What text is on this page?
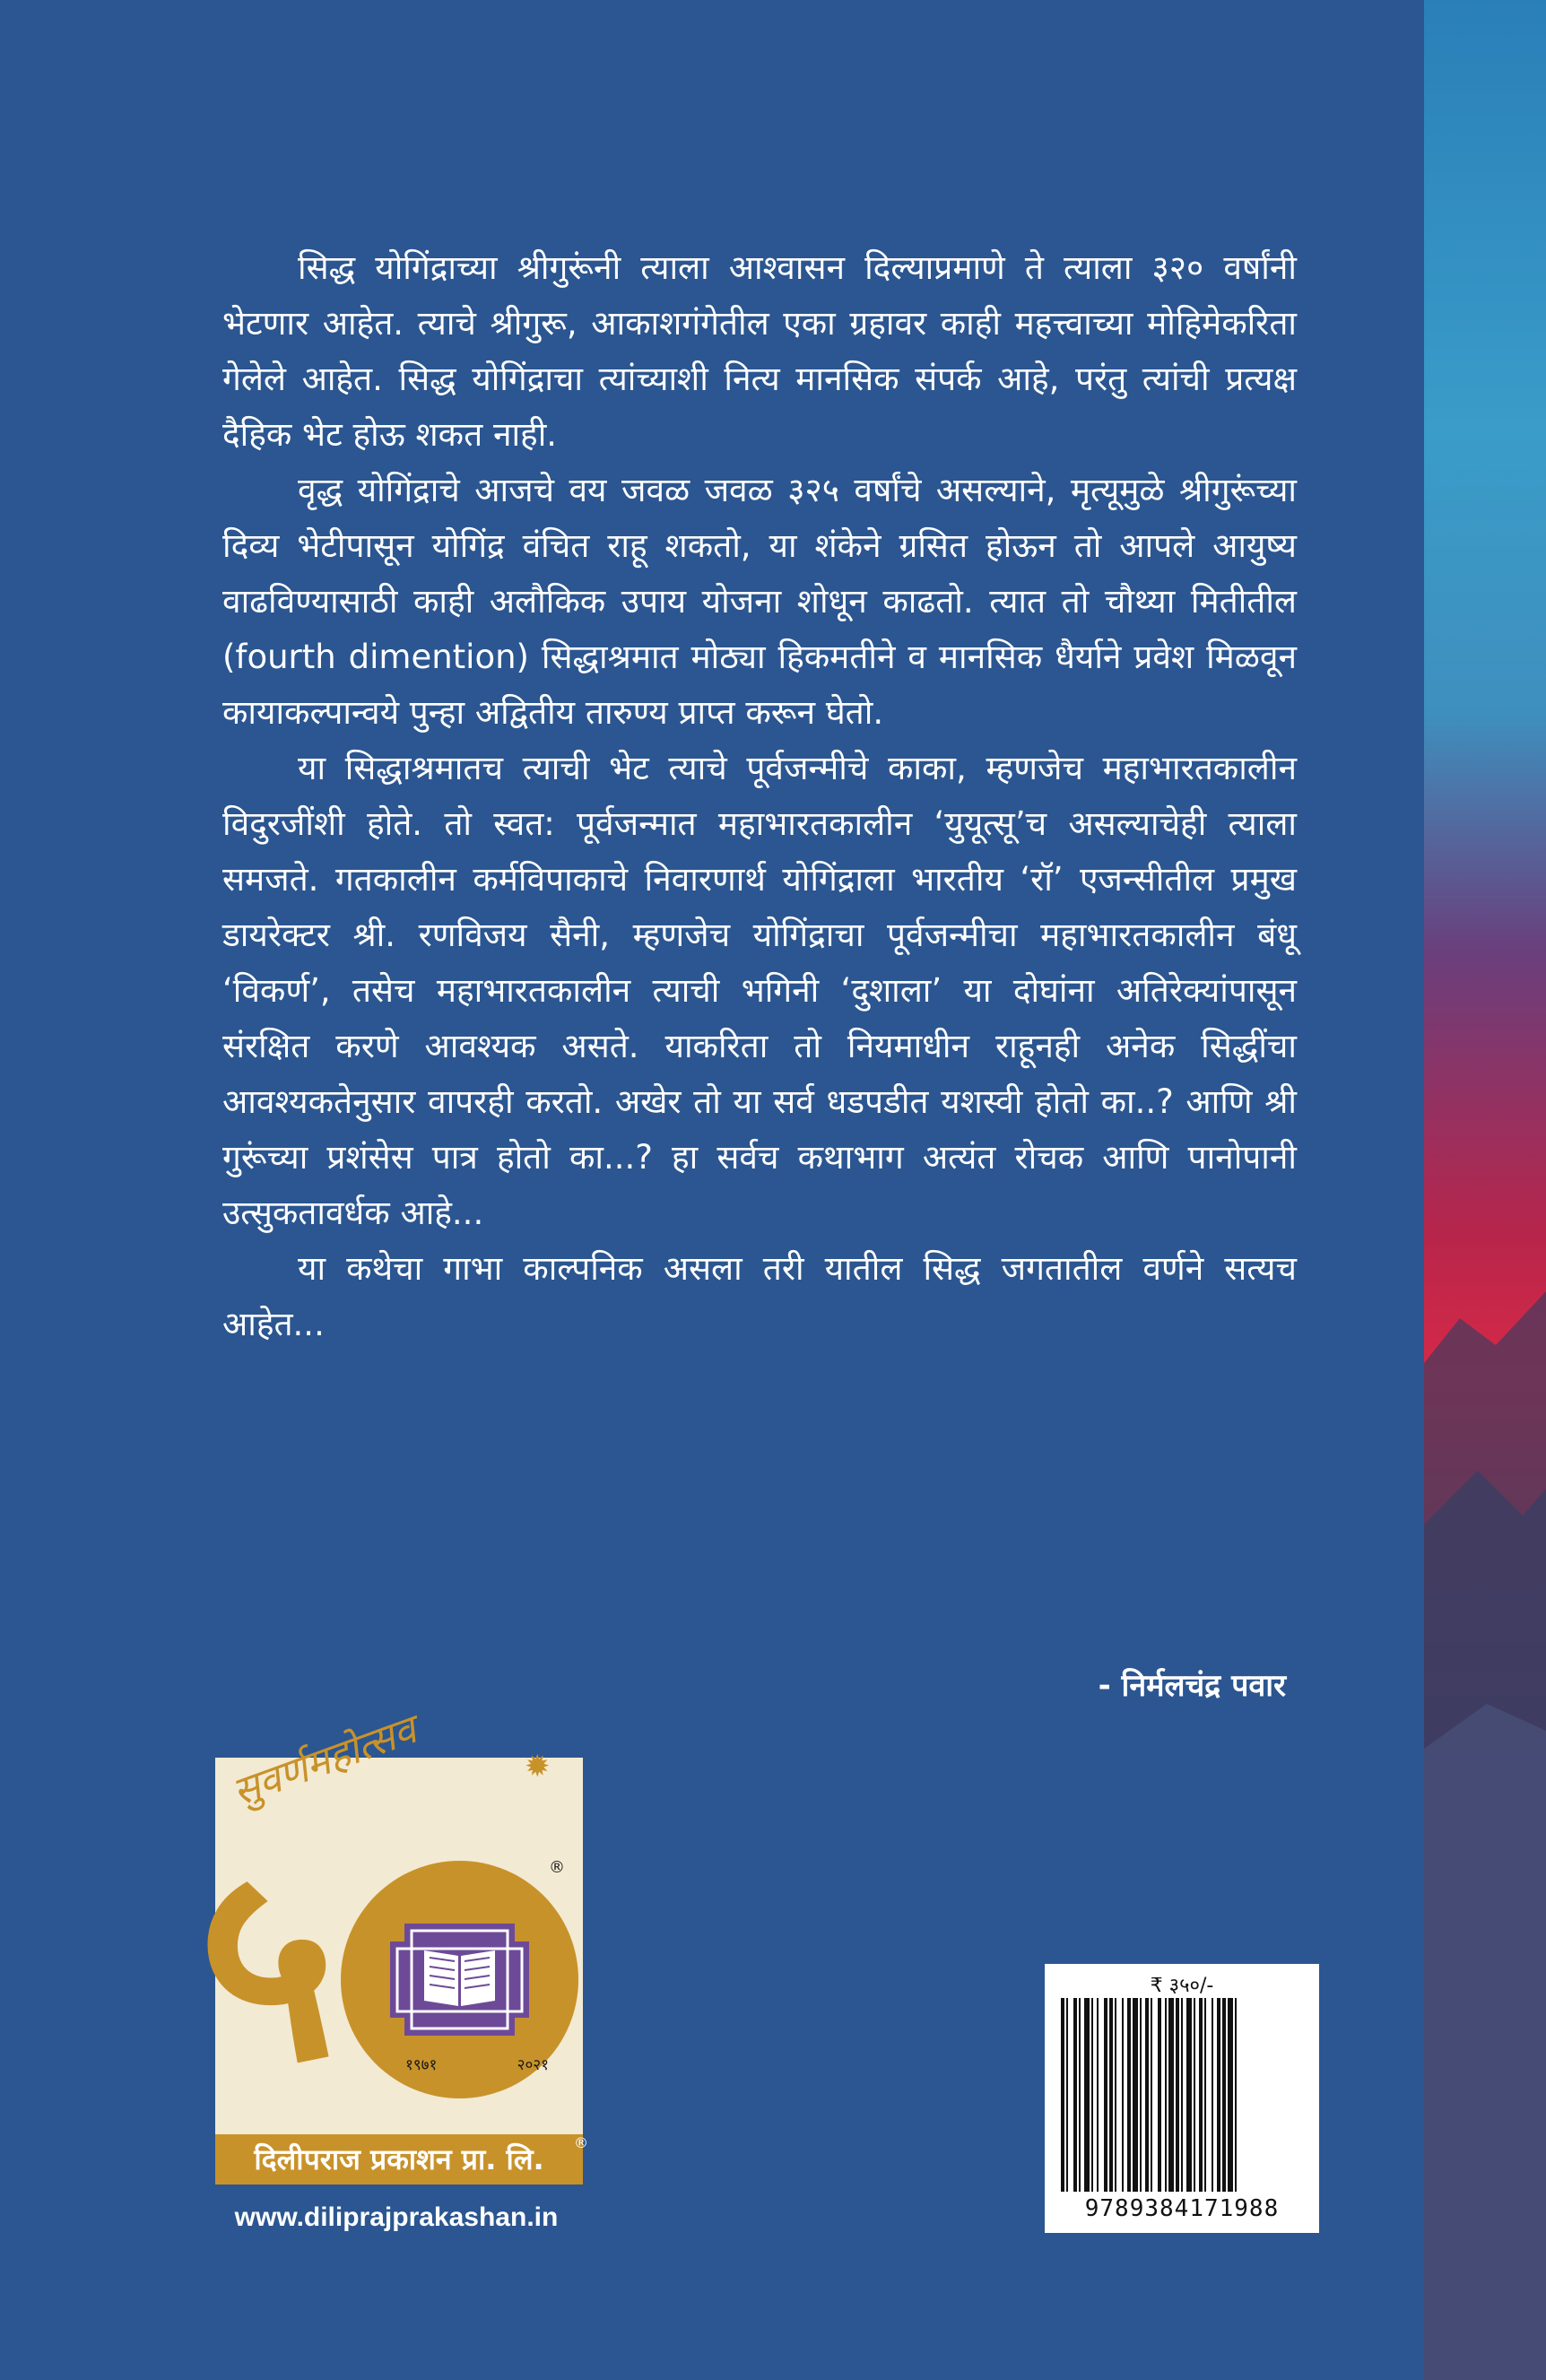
सिद्ध योगिंद्राच्या श्रीगुरूंनी त्याला आश्वासन दिल्याप्रमाणे ते त्याला ३२० वर्षांनी भेटणार आहेत. त्याचे श्रीगुरू, आकाशगंगेतील एका ग्रहावर काही महत्त्वाच्या मोहिमेकरिता गेलेले आहेत. सिद्ध योगिंद्राचा त्यांच्याशी नित्य मानसिक संपर्क आहे, परंतु त्यांची प्रत्यक्ष दैहिक भेट होऊ शकत नाही.

वृद्ध योगिंद्राचे आजचे वय जवळ जवळ ३२५ वर्षांचे असल्याने, मृत्यूमुळे श्रीगुरूंच्या दिव्य भेटीपासून योगिंद्र वंचित राहू शकतो, या शंकेने ग्रसित होऊन तो आपले आयुष्य वाढविण्यासाठी काही अलौकिक उपाय योजना शोधून काढतो. त्यात तो चौथ्या मितीतील (fourth dimention) सिद्धाश्रमात मोठ्या हिकमतीने व मानसिक धैर्याने प्रवेश मिळवून कायाकल्पान्वये पुन्हा अद्वितीय तारुण्य प्राप्त करून घेतो.

या सिद्धाश्रमातच त्याची भेट त्याचे पूर्वजन्मीचे काका, म्हणजेच महाभारतकालीन विदुरजींशी होते. तो स्वत: पूर्वजन्मात महाभारतकालीन ‘युयूत्सू’च असल्याचेही त्याला समजते. गतकालीन कर्मविपाकाचे निवारणार्थ योगिंद्राला भारतीय ‘रॉ’ एजन्सीतील प्रमुख डायरेक्टर श्री. रणविजय सैनी, म्हणजेच योगिंद्राचा पूर्वजन्मीचा महाभारतकालीन बंधू ‘विकर्ण’, तसेच महाभारतकालीन त्याची भगिनी ‘दुशाला’ या दोघांना अतिरेक्यांपासून संरक्षित करणे आवश्यक असते. याकरिता तो नियमाधीन राहूनही अनेक सिद्धींचा आवश्यकतेनुसार वापरही करतो. अखेर तो या सर्व धडपडीत यशस्वी होतो का..? आणि श्री गुरूंच्या प्रशंसेस पात्र होतो का...? हा सर्वच कथाभाग अत्यंत रोचक आणि पानोपानी उत्सुकतावर्धक आहे...

या कथेचा गाभा काल्पनिक असला तरी यातील सिद्ध जगतातील वर्णने सत्यच आहेत...

- निर्मलचंद्र पवार
सुवर्णमहोत्सव	✹
५	®
१९७१	२०२१
दिलीपराज प्रकाशन प्रा. लि.	®
www.diliprajprakashan.in
₹ ३५०/-
9789384171988
